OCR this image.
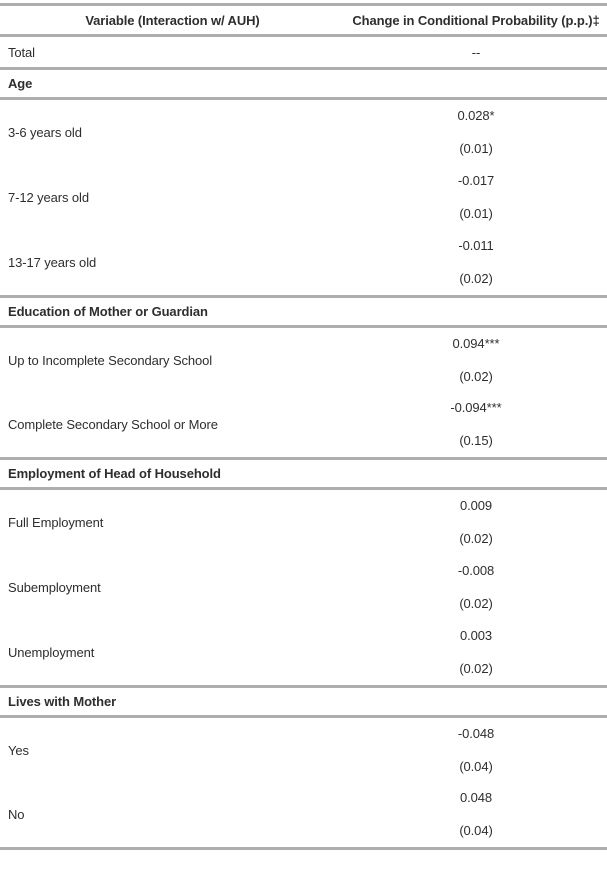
Variable (Interaction w/ AUH)	Change in Conditional Probability (p.p.)‡
Total	--
Age	
3-6 years old	0.028*
(0.01)

7-12 years old	-0.017
(0.01)

13-17 years old	-0.011
(0.02)

Education of Mother or Guardian	
Up to Incomplete Secondary School	0.094***
(0.02)

Complete Secondary School or More	-0.094***
(0.15)

Employment of Head of Household	
Full Employment	0.009
(0.02)

Subemployment	-0.008
(0.02)

Unemployment	0.003
(0.02)

Lives with Mother	
Yes	-0.048
(0.04)

No	0.048
(0.04)
